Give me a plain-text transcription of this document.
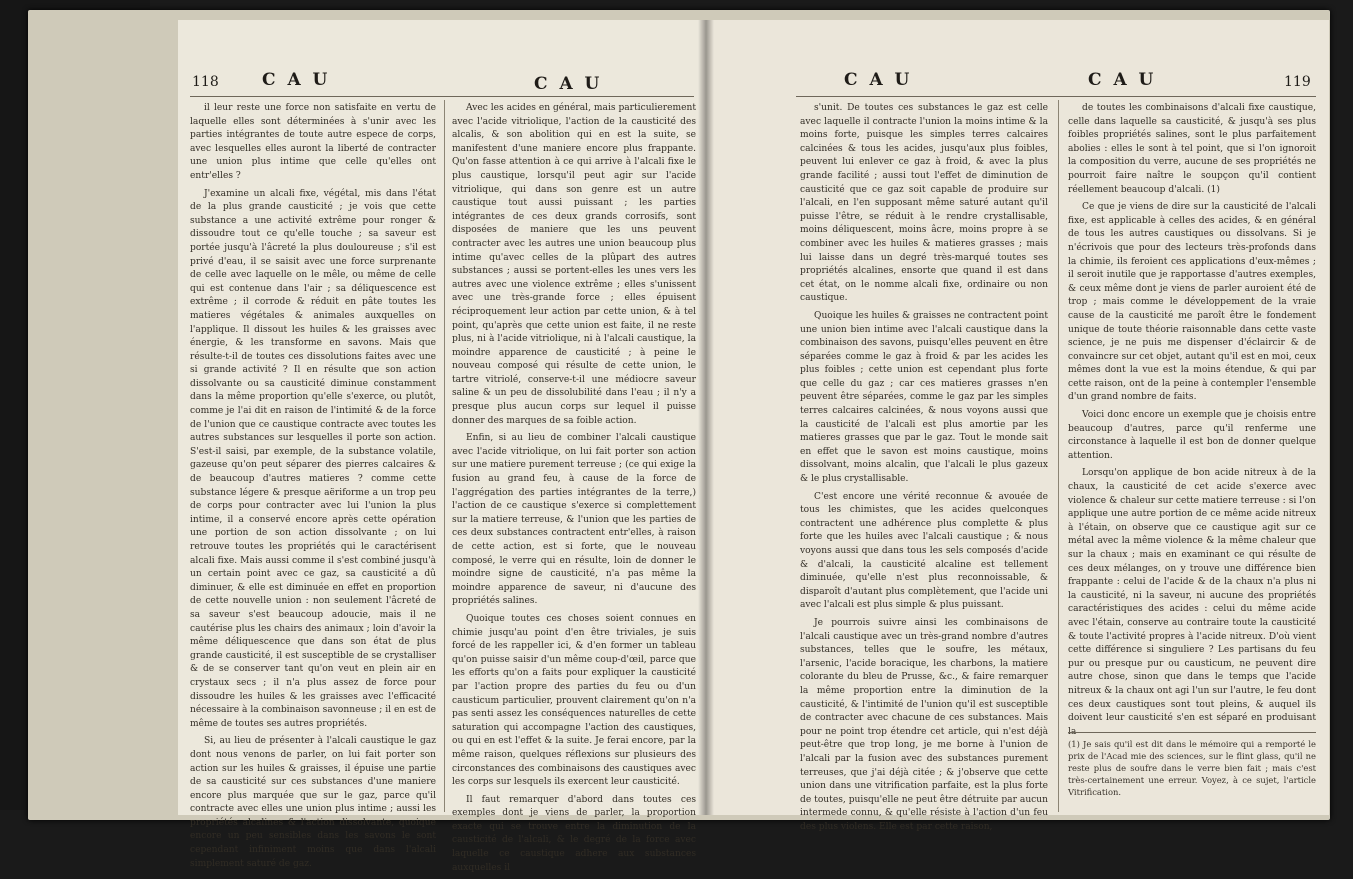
118	C A U	C A U

il leur reste une force non satisfaite en vertu de laquelle elles sont déterminées à s'unir avec les parties intégrantes de toute autre espece de corps, avec lesquelles elles auront la liberté de contracter une union plus intime que celle qu'elles ont entr'elles ?

J'examine un alcali fixe, végétal, mis dans l'état de la plus grande causticité ; je vois que cette substance a une activité extrême pour ronger & dissoudre tout ce qu'elle touche ; sa saveur est portée jusqu'à l'âcreté la plus douloureuse ; s'il est privé d'eau, il se saisit avec une force surprenante de celle avec laquelle on le mêle, ou même de celle qui est contenue dans l'air ; sa déliquescence est extrême ; il corrode & réduit en pâte toutes les matieres végétales & animales auxquelles on l'applique. Il dissout les huiles & les graisses avec énergie, & les transforme en savons. Mais que résulte-t-il de toutes ces dissolutions faites avec une si grande activité ? Il en résulte que son action dissolvante ou sa causticité diminue constamment dans la même proportion qu'elle s'exerce, ou plutôt, comme je l'ai dit en raison de l'intimité & de la force de l'union que ce caustique contracte avec toutes les autres substances sur lesquelles il porte son action. S'est-il saisi, par exemple, de la substance volatile, gazeuse qu'on peut séparer des pierres calcaires & de beaucoup d'autres matieres ? comme cette substance légere & presque aëriforme a un trop peu de corps pour contracter avec lui l'union la plus intime, il a conservé encore après cette opération une portion de son action dissolvante ; on lui retrouve toutes les propriétés qui le caractérisent alcali fixe. Mais aussi comme il s'est combiné jusqu'à un certain point avec ce gaz, sa causticité a dû diminuer, & elle est diminuée en effet en proportion de cette nouvelle union : non seulement l'âcreté de sa saveur s'est beaucoup adoucie, mais il ne cautérise plus les chairs des animaux ; loin d'avoir la même déliquescence que dans son état de plus grande causticité, il est susceptible de se crystalliser & de se conserver tant qu'on veut en plein air en crystaux secs ; il n'a plus assez de force pour dissoudre les huiles & les graisses avec l'efficacité nécessaire à la combinaison savonneuse ; il en est de même de toutes ses autres propriétés.

Si, au lieu de présenter à l'alcali caustique le gaz dont nous venons de parler, on lui fait porter son action sur les huiles & graisses, il épuise une partie de sa causticité sur ces substances d'une maniere encore plus marquée que sur le gaz, parce qu'il contracte avec elles une union plus intime ; aussi les propriétés alcalines & l'action dissolvante, quoique encore un peu sensibles dans les savons le sont cependant infiniment moins que dans l'alcali simplement saturé de gaz.

Avec les acides en général, mais particulierement avec l'acide vitriolique, l'action de la causticité des alcalis, & son abolition qui en est la suite, se manifestent d'une maniere encore plus frappante. Qu'on fasse attention à ce qui arrive à l'alcali fixe le plus caustique, lorsqu'il peut agir sur l'acide vitriolique, qui dans son genre est un autre caustique tout aussi puissant ; les parties intégrantes de ces deux grands corrosifs, sont disposées de maniere que les uns peuvent contracter avec les autres une union beaucoup plus intime qu'avec celles de la plûpart des autres substances ; aussi se portent-elles les unes vers les autres avec une violence extrême ; elles s'unissent avec une très-grande force ; elles épuisent réciproquement leur action par cette union, & à tel point, qu'après que cette union est faite, il ne reste plus, ni à l'acide vitriolique, ni à l'alcali caustique, la moindre apparence de causticité ; à peine le nouveau composé qui résulte de cette union, le tartre vitriolé, conserve-t-il une médiocre saveur saline & un peu de dissolubilité dans l'eau ; il n'y a presque plus aucun corps sur lequel il puisse donner des marques de sa foible action.

Enfin, si au lieu de combiner l'alcali caustique avec l'acide vitriolique, on lui fait porter son action sur une matiere purement terreuse ; (ce qui exige la fusion au grand feu, à cause de la force de l'aggrégation des parties intégrantes de la terre,) l'action de ce caustique s'exerce si complettement sur la matiere terreuse, & l'union que les parties de ces deux substances contractent entr'elles, à raison de cette action, est si forte, que le nouveau composé, le verre qui en résulte, loin de donner le moindre signe de causticité, n'a pas même la moindre apparence de saveur, ni d'aucune des propriétés salines.

Quoique toutes ces choses soient connues en chimie jusqu'au point d'en être triviales, je suis forcé de les rappeller ici, & d'en former un tableau qu'on puisse saisir d'un même coup-d'œil, parce que les efforts qu'on a faits pour expliquer la causticité par l'action propre des parties du feu ou d'un causticum particulier, prouvent clairement qu'on n'a pas senti assez les conséquences naturelles de cette saturation qui accompagne l'action des caustiques, ou qui en est l'effet & la suite. Je ferai encore, par la même raison, quelques réflexions sur plusieurs des circonstances des combinaisons des caustiques avec les corps sur lesquels ils exercent leur causticité.

Il faut remarquer d'abord dans toutes ces exemples dont je viens de parler, la proportion exacte qui se trouve entre la diminution de la causticité de l'alcali, & le degré de la force avec laquelle ce caustique adhere aux substances auxquelles il

C A U	C A U	119

s'unit. De toutes ces substances le gaz est celle avec laquelle il contracte l'union la moins intime & la moins forte, puisque les simples terres calcaires calcinées & tous les acides, jusqu'aux plus foibles, peuvent lui enlever ce gaz à froid, & avec la plus grande facilité ; aussi tout l'effet de diminution de causticité que ce gaz soit capable de produire sur l'alcali, en l'en supposant même saturé autant qu'il puisse l'être, se réduit à le rendre crystallisable, moins déliquescent, moins âcre, moins propre à se combiner avec les huiles & matieres grasses ; mais lui laisse dans un degré très-marqué toutes ses propriétés alcalines, ensorte que quand il est dans cet état, on le nomme alcali fixe, ordinaire ou non caustique.

Quoique les huiles & graisses ne contractent point une union bien intime avec l'alcali caustique dans la combinaison des savons, puisqu'elles peuvent en être séparées comme le gaz à froid & par les acides les plus foibles ; cette union est cependant plus forte que celle du gaz ; car ces matieres grasses n'en peuvent être séparées, comme le gaz par les simples terres calcaires calcinées, & nous voyons aussi que la causticité de l'alcali est plus amortie par les matieres grasses que par le gaz. Tout le monde sait en effet que le savon est moins caustique, moins dissolvant, moins alcalin, que l'alcali le plus gazeux & le plus crystallisable.

C'est encore une vérité reconnue & avouée de tous les chimistes, que les acides quelconques contractent une adhérence plus complette & plus forte que les huiles avec l'alcali caustique ; & nous voyons aussi que dans tous les sels composés d'acide & d'alcali, la causticité alcaline est tellement diminuée, qu'elle n'est plus reconnoissable, & disparoît d'autant plus complètement, que l'acide uni avec l'alcali est plus simple & plus puissant.

Je pourrois suivre ainsi les combinaisons de l'alcali caustique avec un très-grand nombre d'autres substances, telles que le soufre, les métaux, l'arsenic, l'acide boracique, les charbons, la matiere colorante du bleu de Prusse, &c., & faire remarquer la même proportion entre la diminution de la causticité, & l'intimité de l'union qu'il est susceptible de contracter avec chacune de ces substances. Mais pour ne point trop étendre cet article, qui n'est déjà peut-être que trop long, je me borne à l'union de l'alcali par la fusion avec des substances purement terreuses, que j'ai déjà citée ; & j'observe que cette union dans une vitrification parfaite, est la plus forte de toutes, puisqu'elle ne peut être détruite par aucun intermede connu, & qu'elle résiste à l'action d'un feu des plus violens. Elle est par cette raison,

de toutes les combinaisons d'alcali fixe caustique, celle dans laquelle sa causticité, & jusqu'à ses plus foibles propriétés salines, sont le plus parfaitement abolies : elles le sont à tel point, que si l'on ignoroit la composition du verre, aucune de ses propriétés ne pourroit faire naître le soupçon qu'il contient réellement beaucoup d'alcali. (1)

Ce que je viens de dire sur la causticité de l'alcali fixe, est applicable à celles des acides, & en général de tous les autres caustiques ou dissolvans. Si je n'écrivois que pour des lecteurs très-profonds dans la chimie, ils feroient ces applications d'eux-mêmes ; il seroit inutile que je rapportasse d'autres exemples, & ceux même dont je viens de parler auroient été de trop ; mais comme le développement de la vraie cause de la causticité me paroît être le fondement unique de toute théorie raisonnable dans cette vaste science, je ne puis me dispenser d'éclaircir & de convaincre sur cet objet, autant qu'il est en moi, ceux mêmes dont la vue est la moins étendue, & qui par cette raison, ont de la peine à contempler l'ensemble d'un grand nombre de faits.

Voici donc encore un exemple que je choisis entre beaucoup d'autres, parce qu'il renferme une circonstance à laquelle il est bon de donner quelque attention.

Lorsqu'on applique de bon acide nitreux à de la chaux, la causticité de cet acide s'exerce avec violence & chaleur sur cette matiere terreuse : si l'on applique une autre portion de ce même acide nitreux à l'étain, on observe que ce caustique agit sur ce métal avec la même violence & la même chaleur que sur la chaux ; mais en examinant ce qui résulte de ces deux mélanges, on y trouve une différence bien frappante : celui de l'acide & de la chaux n'a plus ni la causticité, ni la saveur, ni aucune des propriétés caractéristiques des acides : celui du même acide avec l'étain, conserve au contraire toute la causticité & toute l'activité propres à l'acide nitreux. D'où vient cette différence si singuliere ? Les partisans du feu pur ou presque pur ou causticum, ne peuvent dire autre chose, sinon que dans le temps que l'acide nitreux & la chaux ont agi l'un sur l'autre, le feu dont ces deux caustiques sont tout pleins, & auquel ils doivent leur causticité s'en est séparé en produisant

(1) Je sais qu'il est dit dans le mémoire qui a remporté le prix de l'Acad mie des sciences, sur le flint glass, qu'il ne reste plus de soufre dans le verre bien fait ; mais c'est très-certainement une erreur. Voyez, à ce sujet, l'article Vitrification.
